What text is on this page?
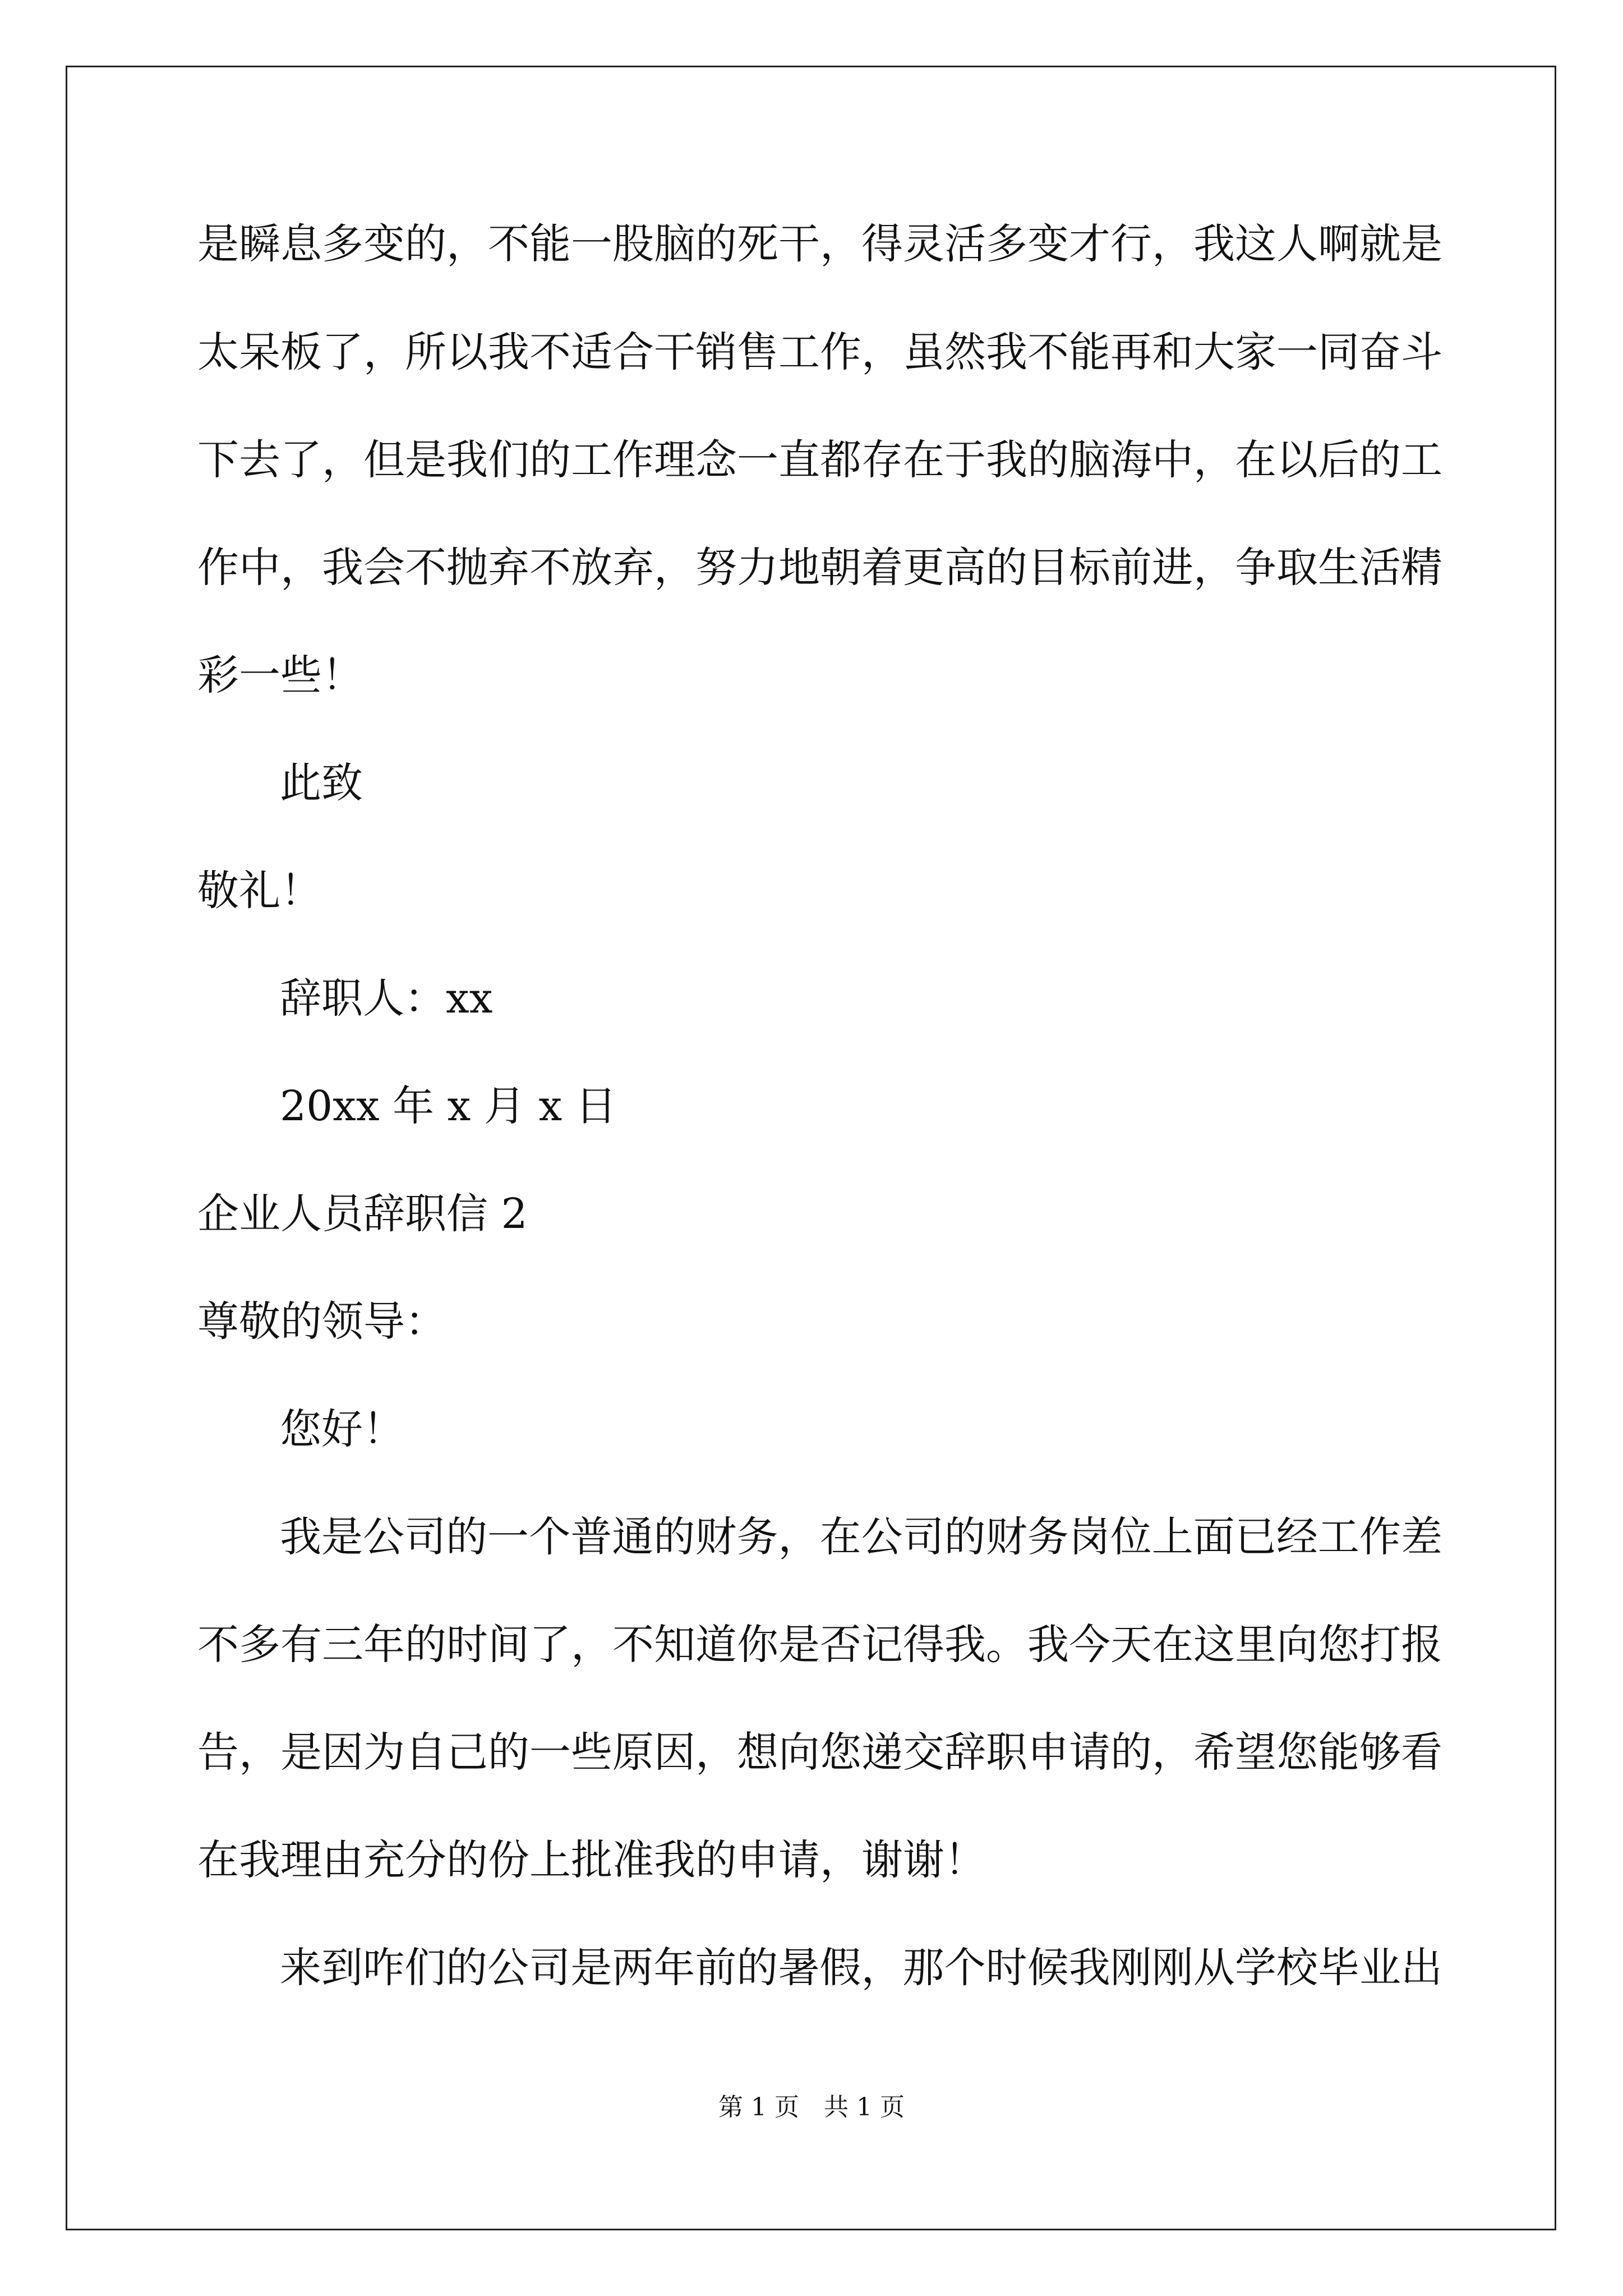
是瞬息多变的，不能一股脑的死干，得灵活多变才行，我这人啊就是
太呆板了，所以我不适合干销售工作，虽然我不能再和大家一同奋斗
下去了，但是我们的工作理念一直都存在于我的脑海中，在以后的工
作中，我会不抛弃不放弃，努力地朝着更高的目标前进，争取生活精
彩一些！
此致
敬礼！
辞职人：xx
20xx 年 x 月 x 日
企业人员辞职信 2
尊敬的领导：
您好！
我是公司的一个普通的财务，在公司的财务岗位上面已经工作差
不多有三年的时间了，不知道你是否记得我。我今天在这里向您打报
告，是因为自己的一些原因，想向您递交辞职申请的，希望您能够看
在我理由充分的份上批准我的申请，谢谢！
来到咋们的公司是两年前的暑假，那个时候我刚刚从学校毕业出
第 1 页　共 1 页
